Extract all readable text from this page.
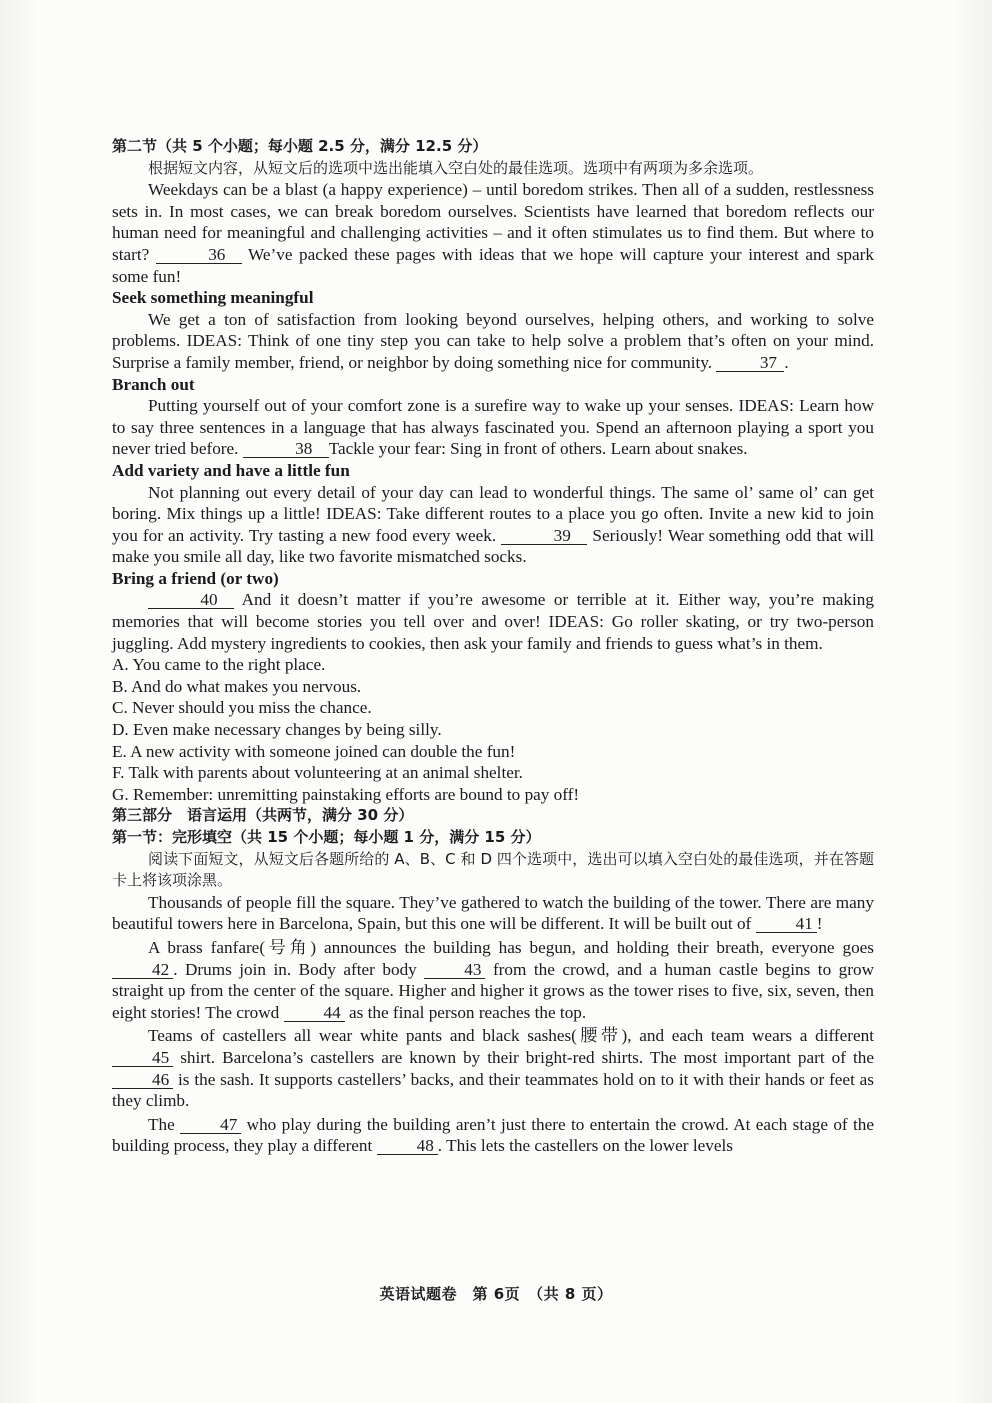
第二节（共 5 个小题；每小题 2.5 分，满分 12.5 分）

根据短文内容，从短文后的选项中选出能填入空白处的最佳选项。选项中有两项为多余选项。

Weekdays can be a blast (a happy experience) – until boredom strikes. Then all of a sudden, restlessness sets in. In most cases, we can break boredom ourselves. Scientists have learned that boredom reflects our human need for meaningful and challenging activities – and it often stimulates us to find them. But where to start?	36 We’ve packed these pages with ideas that we hope will capture your interest and spark some fun!

Seek something meaningful

We get a ton of satisfaction from looking beyond ourselves, helping others, and working to solve problems. IDEAS: Think of one tiny step you can take to help solve a problem that’s often on your mind. Surprise a family member, friend, or neighbor by doing something nice for community.	37 .

Branch out

Putting yourself out of your comfort zone is a surefire way to wake up your senses. IDEAS: Learn how to say three sentences in a language that has always fascinated you. Spend an afternoon playing a sport you never tried before.	38 Tackle your fear: Sing in front of others. Learn about snakes.

Add variety and have a little fun

Not planning out every detail of your day can lead to wonderful things. The same ol’ same ol’ can get boring. Mix things up a little! IDEAS: Take different routes to a place you go often. Invite a new kid to join you for an activity. Try tasting a new food every week.	39 Seriously! Wear something odd that will make you smile all day, like two favorite mismatched socks.

Bring a friend (or two)

40 And it doesn’t matter if you’re awesome or terrible at it. Either way, you’re making memories that will become stories you tell over and over! IDEAS: Go roller skating, or try two-person juggling. Add mystery ingredients to cookies, then ask your family and friends to guess what’s in them.

A. You came to the right place.

B. And do what makes you nervous.

C. Never should you miss the chance.

D. Even make necessary changes by being silly.

E. A new activity with someone joined can double the fun!

F. Talk with parents about volunteering at an animal shelter.

G. Remember: unremitting painstaking efforts are bound to pay off!

第三部分　语言运用（共两节，满分 30 分）
第一节：完形填空（共 15 个小题；每小题 1 分，满分 15 分）

阅读下面短文，从短文后各题所给的 A、B、C 和 D 四个选项中，选出可以填入空白处的最佳选项，并在答题卡上将该项涂黑。

Thousands of people fill the square. They’ve gathered to watch the building of the tower. There are many beautiful towers here in Barcelona, Spain, but this one will be different. It will be built out of	41 !

A brass fanfare(号角) announces the building has begun, and holding their breath, everyone goes 42 . Drums join in. Body after body	43 from the crowd, and a human castle begins to grow straight up from the center of the square. Higher and higher it grows as the tower rises to five, six, seven, then eight stories! The crowd	44 as the final person reaches the top.

Teams of castellers all wear white pants and black sashes(腰带), and each team wears a different 45 shirt. Barcelona’s castellers are known by their bright-red shirts. The most important part of the 46 is the sash. It supports castellers’ backs, and their teammates hold on to it with their hands or feet as they climb.

The	47 who play during the building aren’t just there to entertain the crowd. At each stage of the building process, they play a different	48 . This lets the castellers on the lower levels

英语试题卷　第 6页　（共 8 页）
